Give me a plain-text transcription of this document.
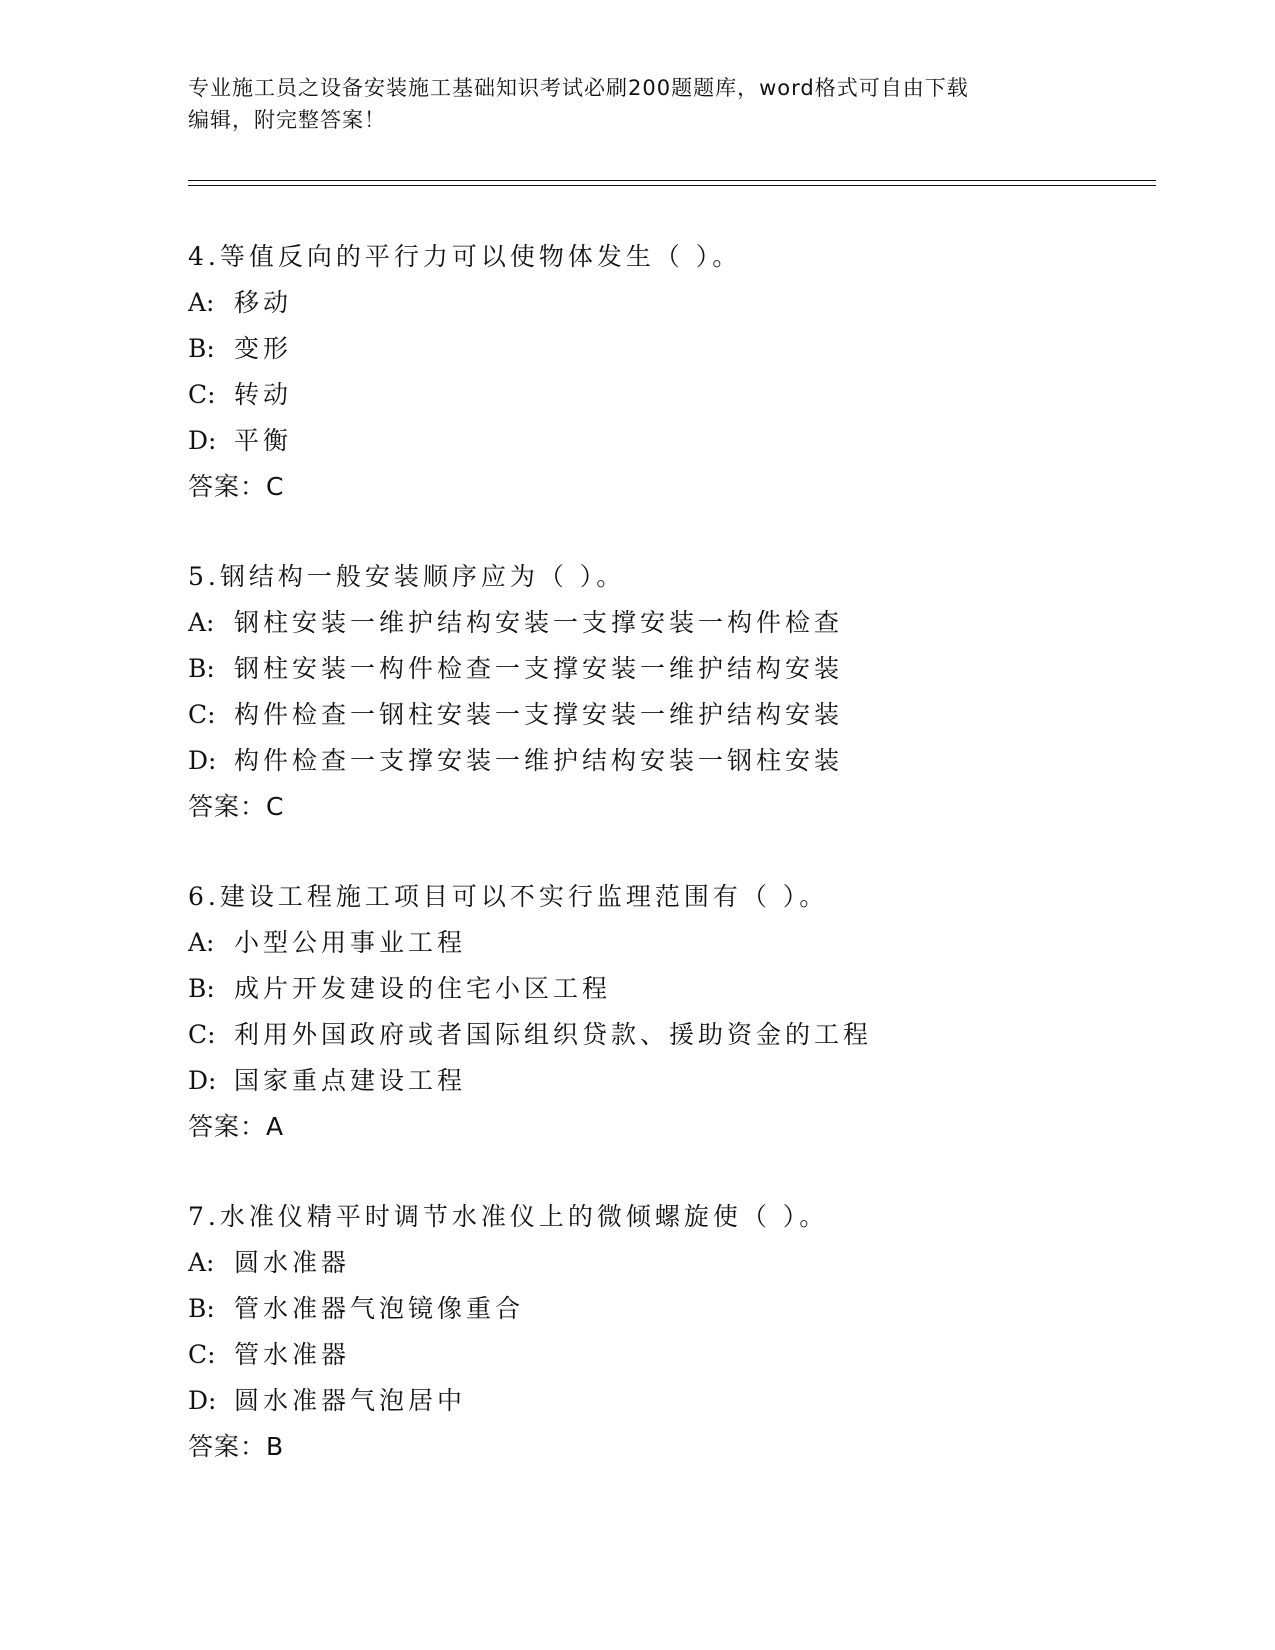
专业施工员之设备安装施工基础知识考试必刷200题题库，word格式可自由下载
编辑，附完整答案！
4.等值反向的平行力可以使物体发生（ ）。
A: 移动
B: 变形
C: 转动
D: 平衡
答案：C
5.钢结构一般安装顺序应为（ ）。
A: 钢柱安装一维护结构安装一支撑安装一构件检查
B: 钢柱安装一构件检查一支撑安装一维护结构安装
C: 构件检查一钢柱安装一支撑安装一维护结构安装
D: 构件检查一支撑安装一维护结构安装一钢柱安装
答案：C
6.建设工程施工项目可以不实行监理范围有（ ）。
A: 小型公用事业工程
B: 成片开发建设的住宅小区工程
C: 利用外国政府或者国际组织贷款、援助资金的工程
D: 国家重点建设工程
答案：A
7.水准仪精平时调节水准仪上的微倾螺旋使（ ）。
A: 圆水准器
B: 管水准器气泡镜像重合
C: 管水准器
D: 圆水准器气泡居中
答案：B
